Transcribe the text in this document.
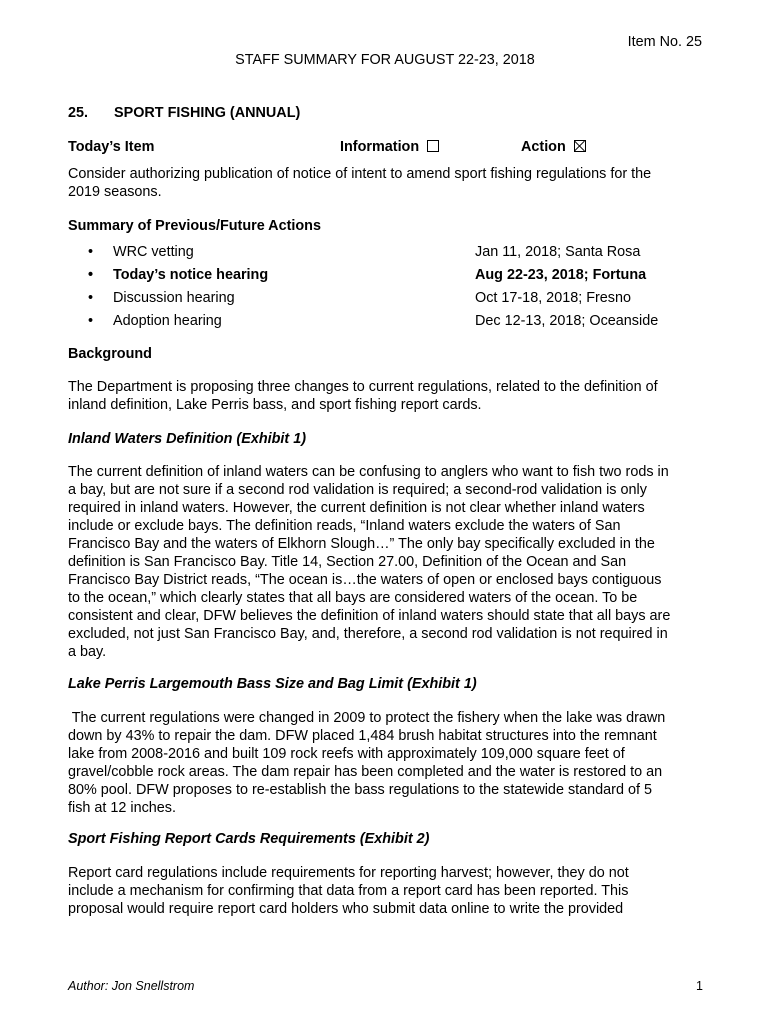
Item No. 25
STAFF SUMMARY FOR AUGUST 22-23, 2018
25. SPORT FISHING (ANNUAL)
Today’s Item	Information	Action
Consider authorizing publication of notice of intent to amend sport fishing regulations for the
2019 seasons.
Summary of Previous/Future Actions
• WRC vetting	Jan 11, 2018; Santa Rosa
• Today’s notice hearing	Aug 22-23, 2018; Fortuna
• Discussion hearing	Oct 17-18, 2018; Fresno
• Adoption hearing	Dec 12-13, 2018; Oceanside
Background
The Department is proposing three changes to current regulations, related to the definition of
inland definition, Lake Perris bass, and sport fishing report cards.
Inland Waters Definition (Exhibit 1)
The current definition of inland waters can be confusing to anglers who want to fish two rods in
a bay, but are not sure if a second rod validation is required; a second-rod validation is only
required in inland waters. However, the current definition is not clear whether inland waters
include or exclude bays. The definition reads, “Inland waters exclude the waters of San
Francisco Bay and the waters of Elkhorn Slough…” The only bay specifically excluded in the
definition is San Francisco Bay. Title 14, Section 27.00, Definition of the Ocean and San
Francisco Bay District reads, “The ocean is…the waters of open or enclosed bays contiguous
to the ocean,” which clearly states that all bays are considered waters of the ocean. To be
consistent and clear, DFW believes the definition of inland waters should state that all bays are
excluded, not just San Francisco Bay, and, therefore, a second rod validation is not required in
a bay.
Lake Perris Largemouth Bass Size and Bag Limit (Exhibit 1)
The current regulations were changed in 2009 to protect the fishery when the lake was drawn
down by 43% to repair the dam. DFW placed 1,484 brush habitat structures into the remnant
lake from 2008-2016 and built 109 rock reefs with approximately 109,000 square feet of
gravel/cobble rock areas. The dam repair has been completed and the water is restored to an
80% pool. DFW proposes to re-establish the bass regulations to the statewide standard of 5
fish at 12 inches.
Sport Fishing Report Cards Requirements (Exhibit 2)
Report card regulations include requirements for reporting harvest; however, they do not
include a mechanism for confirming that data from a report card has been reported. This
proposal would require report card holders who submit data online to write the provided
Author: Jon Snellstrom	1
